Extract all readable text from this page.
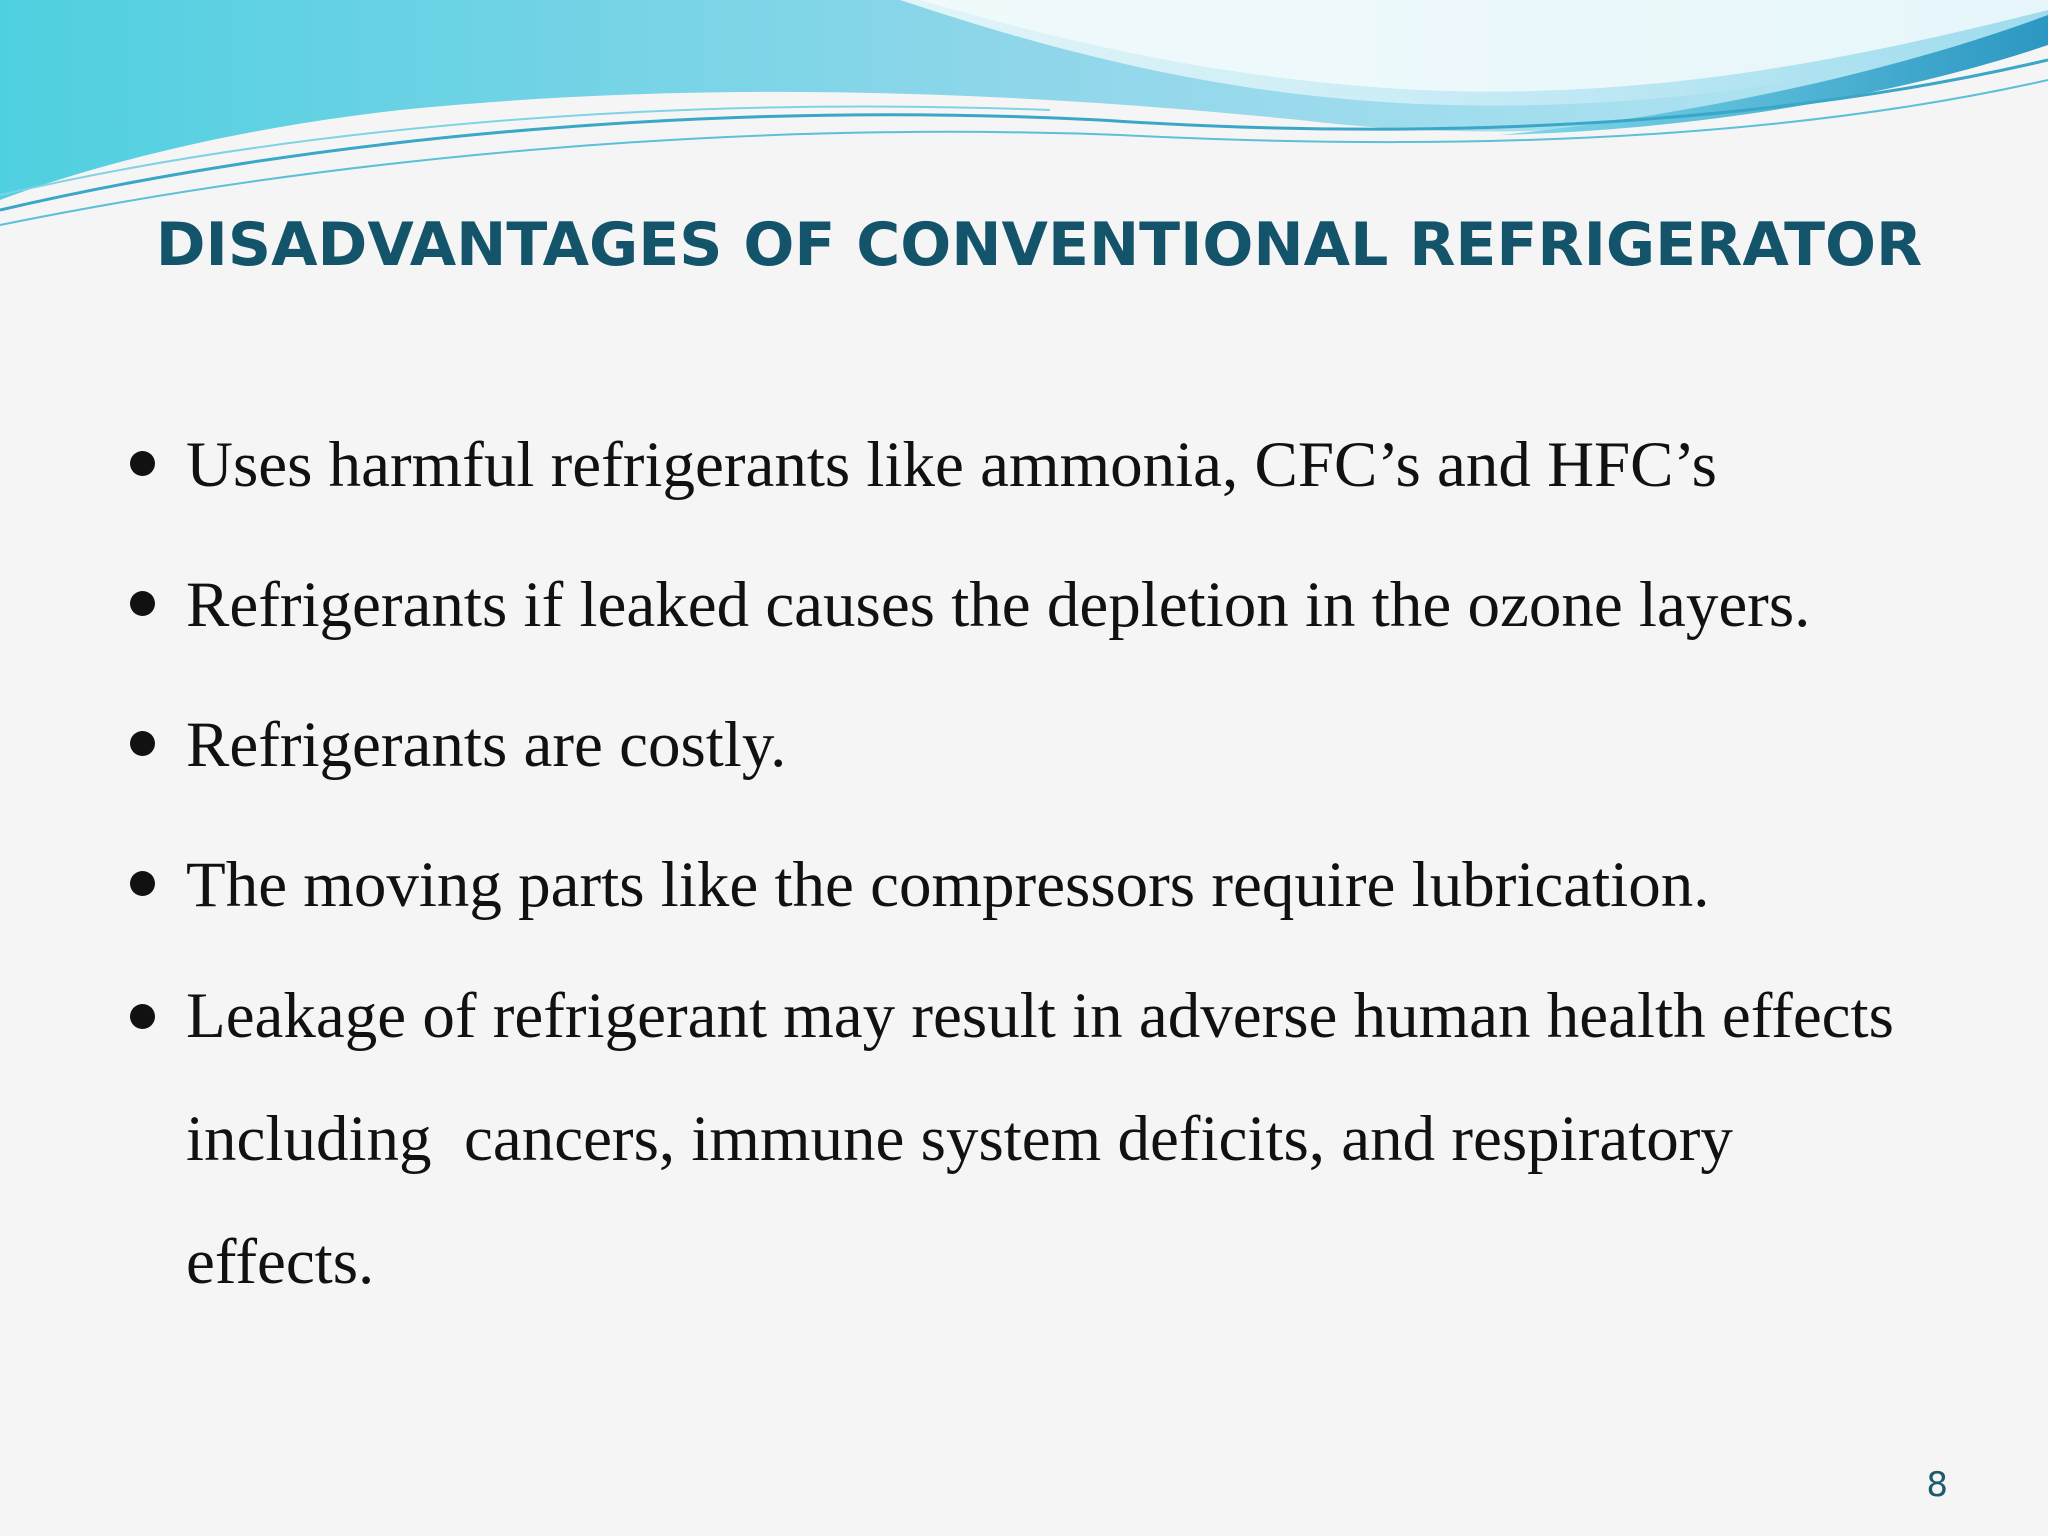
DISADVANTAGES OF CONVENTIONAL REFRIGERATOR
Uses harmful refrigerants like ammonia, CFC’s and HFC’s
Refrigerants if leaked causes the depletion in the ozone layers.
Refrigerants are costly.
The moving parts like the compressors require lubrication.
Leakage of refrigerant may result in adverse human health effects  including  cancers, immune system deficits, and respiratory effects.
8
